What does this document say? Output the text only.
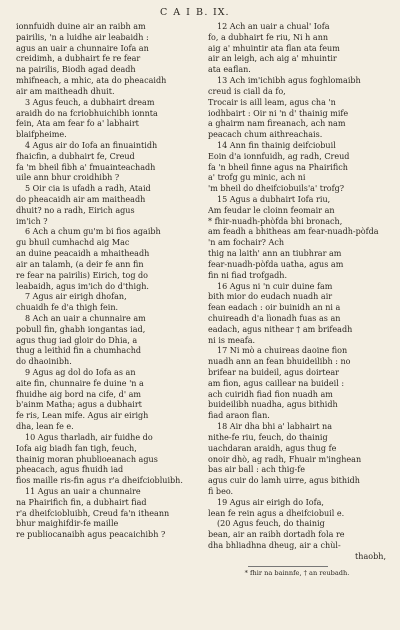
C A I B. IX.
ionnfuidh duine air an raibh am
pairilis, 'n a luidhe air leabaidh :
agus an uair a chunnaire Iofa an
creidimh, a dubhairt fe re fear
na pairilis, Biodh agad deadh
mhifneach, a mhic, ata do pheacaidh
air am maitheadh dhuit.
3 Agus feuch, a dubhairt dream
araidh do na fcriobhuichibh ionnta
fein, Ata am fear fo a' labhairt
blaifpheime.
4 Agus air do Iofa an finuaintidh
fhaicfin, a dubhairt fe, Creud
fa 'm bheil fibh a' fmuainteachadh
uile ann bhur croidhibh ?
5 Oir cia is ufadh a radh, Ataid
do pheacaidh air am maitheadh
dhuit? no a radh, Eirich agus
im'ich ?
6 Ach a chum gu'm bi fios agaibh
gu bhuil cumhachd aig Mac
an duine peacaidh a mhaitheadh
air an talamh, (a deir fe ann fin
re fear na pairilis) Eirich, tog do
leabaidh, agus im'ich do d'thigh.
7 Agus air eirigh dhofan,
chuaidh fe d'a thigh fein.
8 Ach an uair a chunnaire am
pobull fin, ghabh iongantas iad,
agus thug iad gloir do Dhia, a
thug a leithid fin a chumhachd
do dhaoinibh.
9 Agus ag dol do Iofa as an
aite fin, chunnaire fe duine 'n a
fhuidhe aig bord na cife, d' am
b'ainm Matha; agus a dubhairt
fe ris, Lean mife. Agus air eirigh
dha, lean fe e.
10 Agus tharladh, air fuidhe do
Iofa aig biadh fan tigh, feuch,
thainig moran phublioeanach agus
pheacach, agus fhuidh iad
fios maille ris-fin agus r'a dheifciobluibh.
11 Agus an uair a chunnaire
na Phairifich fin, a dubhairt fiad
r'a dheifciobluibh, Creud fa'n itheann
bhur maighifdir-fe maille
re publiocanaibh agus peacaichibh ?
12 Ach an uair a chual' Iofa
fo, a dubhairt fe riu, Ni h ann
aig a' mhuintir ata flan ata feum
air an leigh, ach aig a' mhuintir
ata eaflan.
13 Ach im'ichibh agus foghlomaibh
creud is ciall da fo,
Trocair is aill leam, agus cha 'n
iodhbairt : Oir ni 'n d' thainig mife
a ghairm nam fireanach, ach nam
peacach chum aithreachais.
14 Ann fin thainig deifciobuil
Eoin d'a ionnfuidh, ag radh, Creud
fa 'n bheil finne agus na Phairifich
a' trofg gu minic, ach ni
'm bheil do dheifciobuils'a' trofg?
15 Agus a dubhairt Iofa riu,
Am feudar le cloinn feomair an
* fhir-nuadh-phòfda bhi bronach,
am feadh a bhitheas am fear-nuadh-pòfda
'n am fochair? Ach
thig na laith' ann an tiubhrar am
fear-nuadh-pòfda uatha, agus am
fin ni fiad trofgadh.
16 Agus ni 'n cuir duine fam
bith mior do eudach nuadh air
fean eadach : oir buinidh an ni a
chuireadh d'a lìonadh fuas as an
eadach, agus nithear † am brifeadh
ni is meafa.
17 Ni mò a chuireas daoine fion
nuadh ann an fean bhuideilibh : no
brifear na buideil, agus doirtear
am fion, agus caillear na buideil :
ach cuiridh fiad fion nuadh am
buideilibh nuadha, agus bithidh
fiad araon flan.
18 Air dha bhi a' labhairt na
nithe-fe riu, feuch, do thainig
uachdaran araidh, agus thug fe
onoir dhò, ag radh, Fhuair m'inghean
bas air ball : ach thig-fe
agus cuir do lamh uirre, agus bithidh
fi beo.
19 Agus air eirigh do Iofa,
lean fe rein agus a dheifciobuil e.
(20 Agus feuch, do thainig
bean, air an raibh dortadh fola re
dha bhliadhna dheug, air a chùl-
thaobh,
* fhir na bainnfe, † an reubadh.
